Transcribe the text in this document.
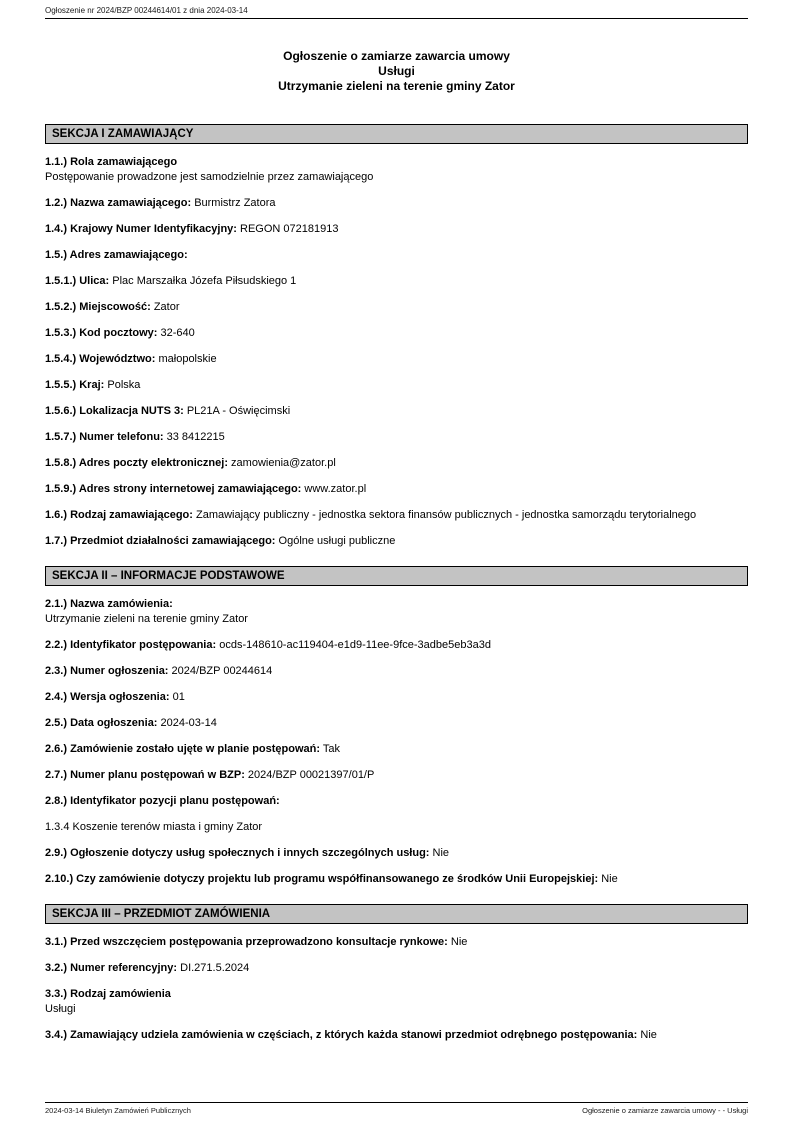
Ogłoszenie nr 2024/BZP 00244614/01 z dnia 2024-03-14
Ogłoszenie o zamiarze zawarcia umowy
Usługi
Utrzymanie zieleni na terenie gminy Zator
SEKCJA I ZAMAWIAJĄCY

1.1.) Rola zamawiającego
Postępowanie prowadzone jest samodzielnie przez zamawiającego

1.2.) Nazwa zamawiającego: Burmistrz Zatora

1.4.) Krajowy Numer Identyfikacyjny: REGON 072181913

1.5.) Adres zamawiającego:

1.5.1.) Ulica: Plac Marszałka Józefa Piłsudskiego 1

1.5.2.) Miejscowość: Zator

1.5.3.) Kod pocztowy: 32-640

1.5.4.) Województwo: małopolskie

1.5.5.) Kraj: Polska

1.5.6.) Lokalizacja NUTS 3: PL21A - Oświęcimski

1.5.7.) Numer telefonu: 33 8412215

1.5.8.) Adres poczty elektronicznej: zamowienia@zator.pl

1.5.9.) Adres strony internetowej zamawiającego: www.zator.pl

1.6.) Rodzaj zamawiającego: Zamawiający publiczny - jednostka sektora finansów publicznych - jednostka samorządu terytorialnego

1.7.) Przedmiot działalności zamawiającego: Ogólne usługi publiczne

SEKCJA II – INFORMACJE PODSTAWOWE

2.1.) Nazwa zamówienia:
Utrzymanie zieleni na terenie gminy Zator

2.2.) Identyfikator postępowania: ocds-148610-ac119404-e1d9-11ee-9fce-3adbe5eb3a3d

2.3.) Numer ogłoszenia: 2024/BZP 00244614

2.4.) Wersja ogłoszenia: 01

2.5.) Data ogłoszenia: 2024-03-14

2.6.) Zamówienie zostało ujęte w planie postępowań: Tak

2.7.) Numer planu postępowań w BZP: 2024/BZP 00021397/01/P

2.8.) Identyfikator pozycji planu postępowań:

1.3.4 Koszenie terenów miasta i gminy Zator

2.9.) Ogłoszenie dotyczy usług społecznych i innych szczególnych usług: Nie

2.10.) Czy zamówienie dotyczy projektu lub programu współfinansowanego ze środków Unii Europejskiej: Nie

SEKCJA III – PRZEDMIOT ZAMÓWIENIA

3.1.) Przed wszczęciem postępowania przeprowadzono konsultacje rynkowe: Nie

3.2.) Numer referencyjny: DI.271.5.2024

3.3.) Rodzaj zamówienia
Usługi

3.4.) Zamawiający udziela zamówienia w częściach, z których każda stanowi przedmiot odrębnego postępowania: Nie

2024-03-14 Biuletyn Zamówień Publicznych	Ogłoszenie o zamiarze zawarcia umowy - - Usługi
